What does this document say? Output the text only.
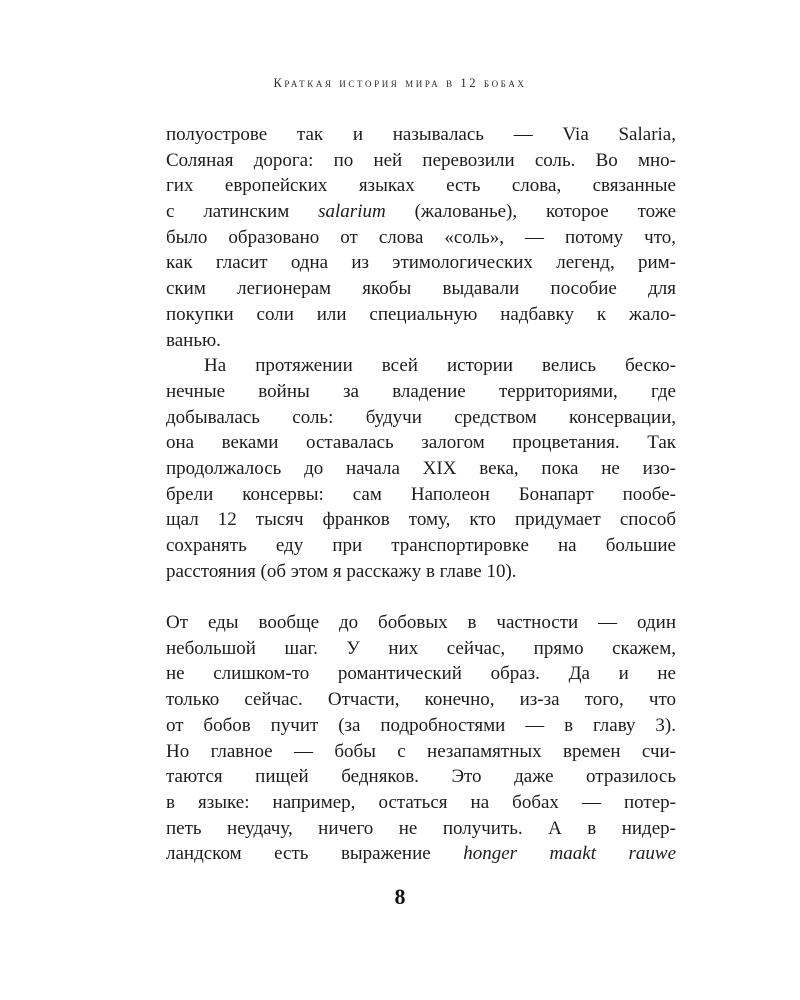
Краткая история мира в 12 бобах
полуострове так и называлась — Via Salaria,
Соляная дорога: по ней перевозили соль. Во мно-
гих европейских языках есть слова, связанные
с латинским salarium (жалованье), которое тоже
было образовано от слова «соль», — потому что,
как гласит одна из этимологических легенд, рим-
ским легионерам якобы выдавали пособие для
покупки соли или специальную надбавку к жало-
ванью.
На протяжении всей истории велись беско-
нечные войны за владение территориями, где
добывалась соль: будучи средством консервации,
она веками оставалась залогом процветания. Так
продолжалось до начала XIX века, пока не изо-
брели консервы: сам Наполеон Бонапарт пообе-
щал 12 тысяч франков тому, кто придумает способ
сохранять еду при транспортировке на большие
расстояния (об этом я расскажу в главе 10).
От еды вообще до бобовых в частности — один
небольшой шаг. У них сейчас, прямо скажем,
не слишком-то романтический образ. Да и не
только сейчас. Отчасти, конечно, из-за того, что
от бобов пучит (за подробностями — в главу 3).
Но главное — бобы с незапамятных времен счи-
таются пищей бедняков. Это даже отразилось
в языке: например, остаться на бобах — потер-
петь неудачу, ничего не получить. А в нидер-
ландском есть выражение honger maakt rauwe
8
